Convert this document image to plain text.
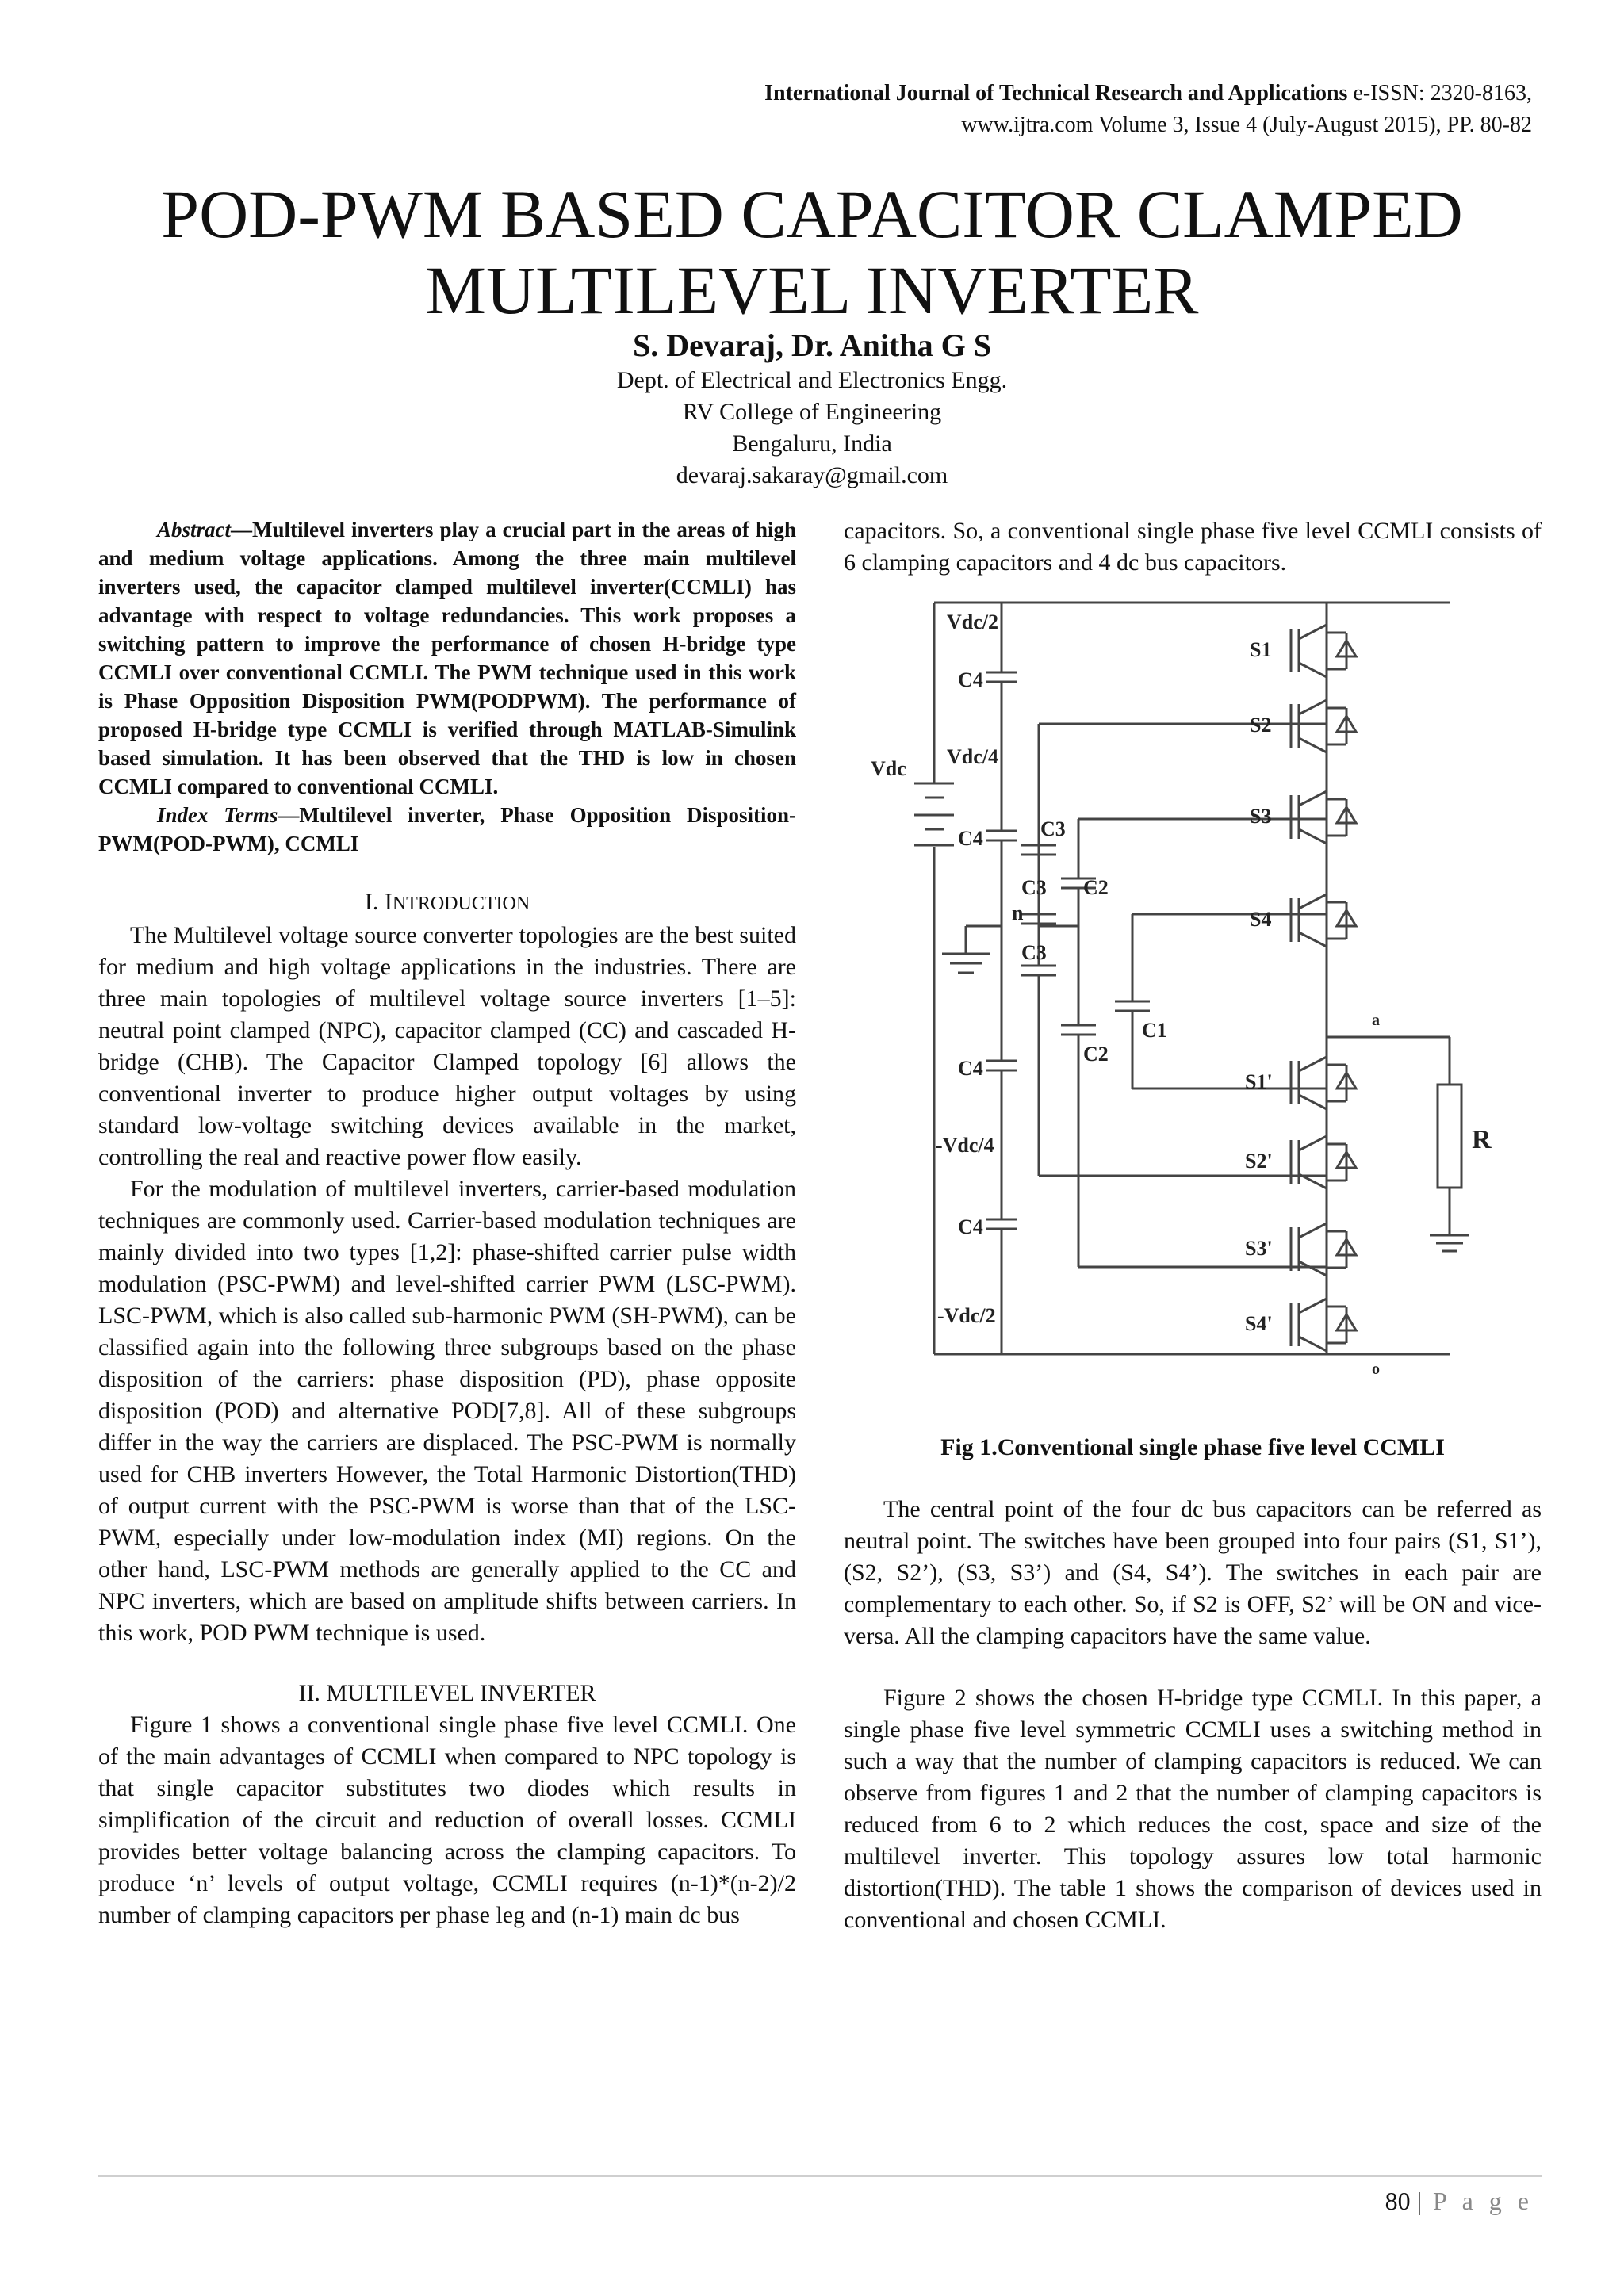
International Journal of Technical Research and Applications e-ISSN: 2320-8163,
www.ijtra.com Volume 3, Issue 4 (July-August 2015), PP. 80-82
POD-PWM BASED CAPACITOR CLAMPED
MULTILEVEL INVERTER
S. Devaraj, Dr. Anitha G S
Dept. of Electrical and Electronics Engg.
RV College of Engineering
Bengaluru, India
devaraj.sakaray@gmail.com

Abstract—Multilevel inverters play a crucial part in the areas of high and medium voltage applications. Among the three main multilevel inverters used, the capacitor clamped multilevel inverter(CCMLI) has advantage with respect to voltage redundancies. This work proposes a switching pattern to improve the performance of chosen H-bridge type CCMLI over conventional CCMLI. The PWM technique used in this work is Phase Opposition Disposition PWM(PODPWM). The performance of proposed H-bridge type CCMLI is verified through MATLAB-Simulink based simulation. It has been observed that the THD is low in chosen CCMLI compared to conventional CCMLI.

Index Terms—Multilevel inverter, Phase Opposition Disposition- PWM(POD-PWM), CCMLI

I. INTRODUCTION

The Multilevel voltage source converter topologies are the best suited for medium and high voltage applications in the industries. There are three main topologies of multilevel voltage source inverters [1–5]: neutral point clamped (NPC), capacitor clamped (CC) and cascaded H-bridge (CHB). The Capacitor Clamped topology [6] allows the conventional inverter to produce higher output voltages by using standard low-voltage switching devices available in the market, controlling the real and reactive power flow easily.

For the modulation of multilevel inverters, carrier-based modulation techniques are commonly used. Carrier-based modulation techniques are mainly divided into two types [1,2]: phase-shifted carrier pulse width modulation (PSC-PWM) and level-shifted carrier PWM (LSC-PWM). LSC-PWM, which is also called sub-harmonic PWM (SH-PWM), can be classified again into the following three subgroups based on the phase disposition of the carriers: phase disposition (PD), phase opposite disposition (POD) and alternative POD[7,8]. All of these subgroups differ in the way the carriers are displaced. The PSC-PWM is normally used for CHB inverters However, the Total Harmonic Distortion(THD) of output current with the PSC-PWM is worse than that of the LSC-PWM, especially under low-modulation index (MI) regions. On the other hand, LSC-PWM methods are generally applied to the CC and NPC inverters, which are based on amplitude shifts between carriers. In this work, POD PWM technique is used.

II. MULTILEVEL INVERTER

Figure 1 shows a conventional single phase five level CCMLI. One of the main advantages of CCMLI when compared to NPC topology is that single capacitor substitutes two diodes which results in simplification of the circuit and reduction of overall losses. CCMLI provides better voltage balancing across the clamping capacitors. To produce ‘n’ levels of output voltage, CCMLI requires (n-1)*(n-2)/2 number of clamping capacitors per phase leg and (n-1) main dc bus

capacitors. So, a conventional single phase five level CCMLI consists of 6 clamping capacitors and 4 dc bus capacitors.

Vdc/2
C4
Vdc/4
Vdc
C4
n
C4
-Vdc/4
C4
-Vdc/2
C3
C3
C3
C2
C2
C1
S1
S2
S3
S4
S1'
S2'
S3'
S4'
a
o
R

Fig 1.Conventional single phase five level CCMLI

The central point of the four dc bus capacitors can be referred as neutral point. The switches have been grouped into four pairs (S1, S1’), (S2, S2’), (S3, S3’) and (S4, S4’). The switches in each pair are complementary to each other. So, if S2 is OFF, S2’ will be ON and vice-versa. All the clamping capacitors have the same value.

Figure 2 shows the chosen H-bridge type CCMLI. In this paper, a single phase five level symmetric CCMLI uses a switching method in such a way that the number of clamping capacitors is reduced. We can observe from figures 1 and 2 that the number of clamping capacitors is reduced from 6 to 2 which reduces the cost, space and size of the multilevel inverter. This topology assures low total harmonic distortion(THD). The table 1 shows the comparison of devices used in conventional and chosen CCMLI.

80 | P a g e
